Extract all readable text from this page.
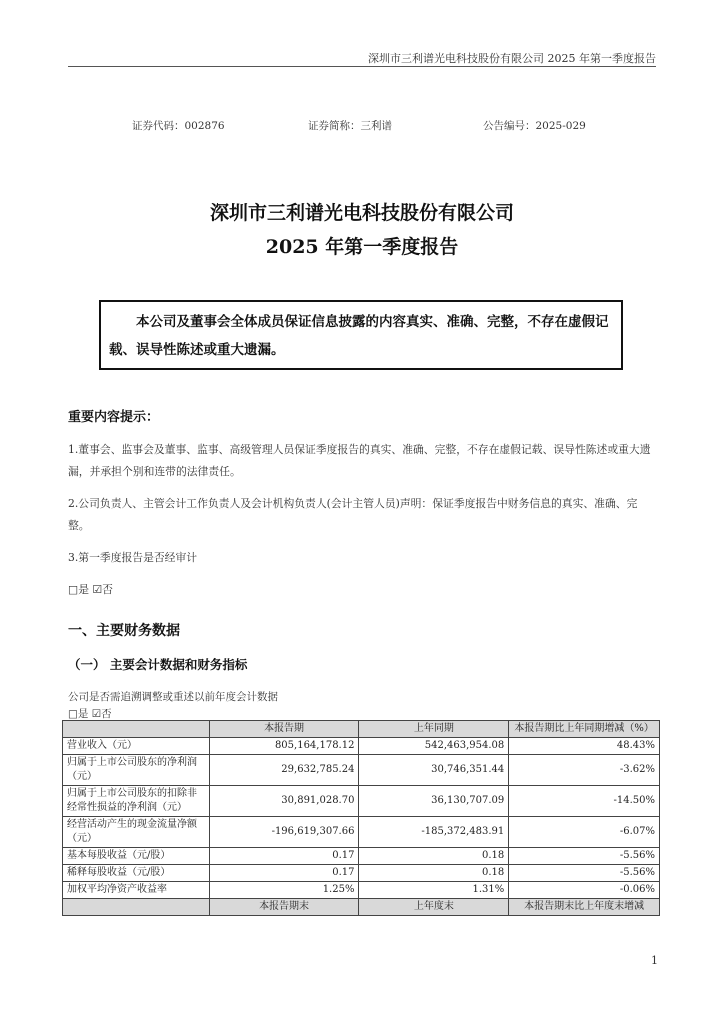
深圳市三利谱光电科技股份有限公司 2025 年第一季度报告
证券代码：002876	证券简称：三利谱	公告编号：2025-029
深圳市三利谱光电科技股份有限公司
2025 年第一季度报告
本公司及董事会全体成员保证信息披露的内容真实、准确、完整，不存在虚假记载、误导性陈述或重大遗漏。
重要内容提示：
1.董事会、监事会及董事、监事、高级管理人员保证季度报告的真实、准确、完整，不存在虚假记载、误导性陈述或重大遗漏，并承担个别和连带的法律责任。
2.公司负责人、主管会计工作负责人及会计机构负责人(会计主管人员)声明：保证季度报告中财务信息的真实、准确、完整。
3.第一季度报告是否经审计
□是 ☑否
一、主要财务数据
（一） 主要会计数据和财务指标
公司是否需追溯调整或重述以前年度会计数据
□是 ☑否
	本报告期	上年同期	本报告期比上年同期增减（%）
营业收入（元）	805,164,178.12	542,463,954.08	48.43%
归属于上市公司股东的净利润（元）	29,632,785.24	30,746,351.44	-3.62%
归属于上市公司股东的扣除非经常性损益的净利润（元）	30,891,028.70	36,130,707.09	-14.50%
经营活动产生的现金流量净额（元）	-196,619,307.66	-185,372,483.91	-6.07%
基本每股收益（元/股）	0.17	0.18	-5.56%
稀释每股收益（元/股）	0.17	0.18	-5.56%
加权平均净资产收益率	1.25%	1.31%	-0.06%
	本报告期末	上年度末	本报告期末比上年度末增减
1
